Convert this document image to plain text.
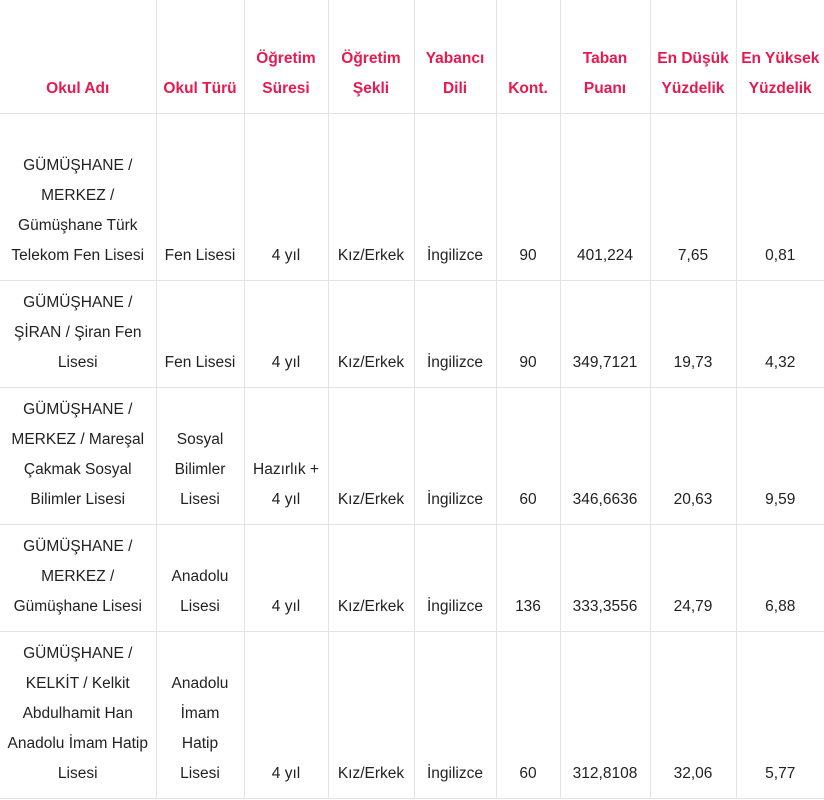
Okul Adı	Okul Türü	Öğretim Süresi	Öğretim Şekli	Yabancı Dili	Kont.	Taban Puanı	En Düşük Yüzdelik	En Yüksek Yüzdelik
GÜMÜŞHANE / MERKEZ / Gümüşhane Türk Telekom Fen Lisesi	Fen Lisesi	4 yıl	Kız/Erkek	İngilizce	90	401,224	7,65	0,81
GÜMÜŞHANE / ŞİRAN / Şiran Fen Lisesi	Fen Lisesi	4 yıl	Kız/Erkek	İngilizce	90	349,7121	19,73	4,32
GÜMÜŞHANE / MERKEZ / Mareşal Çakmak Sosyal Bilimler Lisesi	Sosyal Bilimler Lisesi	Hazırlık + 4 yıl	Kız/Erkek	İngilizce	60	346,6636	20,63	9,59
GÜMÜŞHANE / MERKEZ / Gümüşhane Lisesi	Anadolu Lisesi	4 yıl	Kız/Erkek	İngilizce	136	333,3556	24,79	6,88
GÜMÜŞHANE / KELKİT / Kelkit Abdulhamit Han Anadolu İmam Hatip Lisesi	Anadolu İmam Hatip Lisesi	4 yıl	Kız/Erkek	İngilizce	60	312,8108	32,06	5,77
